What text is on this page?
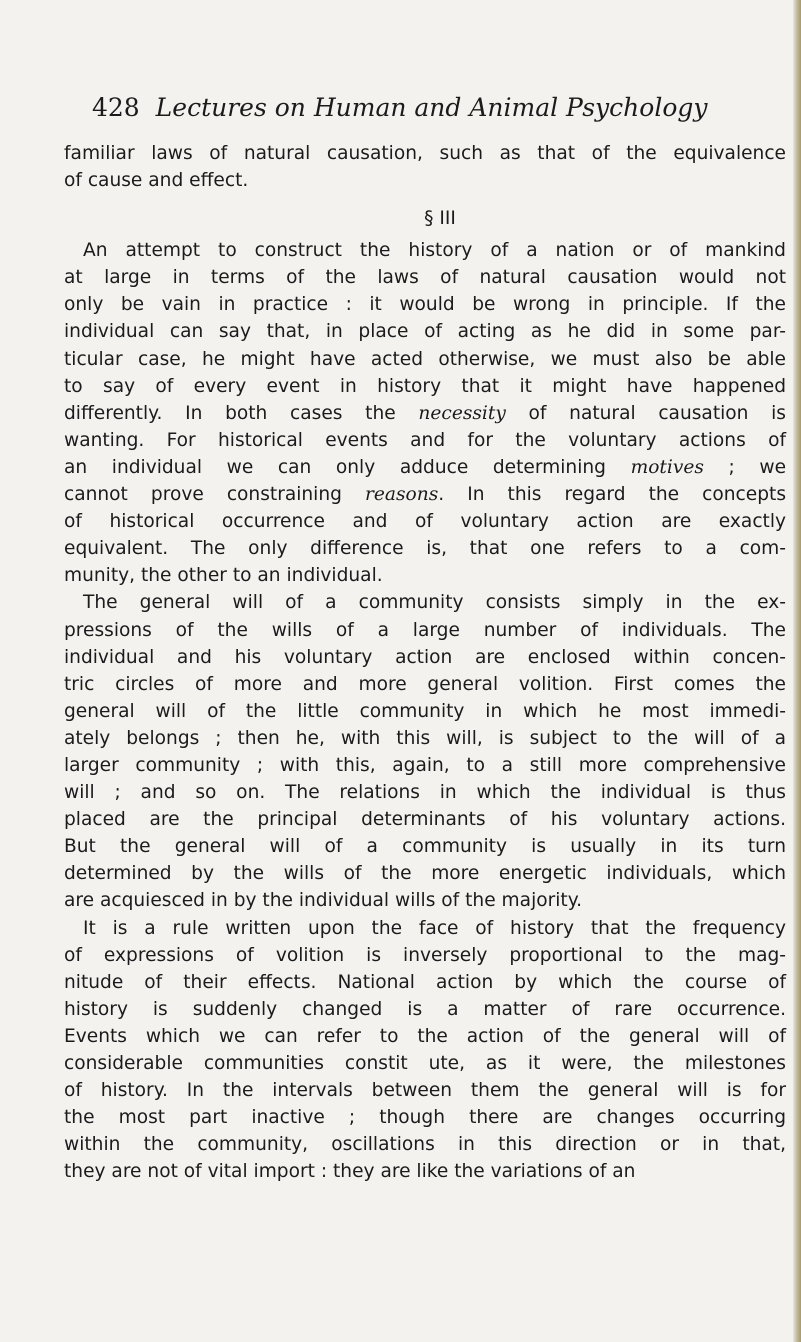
428 Lectures on Human and Animal Psychology

familiar laws of natural causation, such as that of the equivalence

of cause and effect.

§ III

An attempt to construct the history of a nation or of mankind

at large in terms of the laws of natural causation would not

only be vain in practice : it would be wrong in principle. If the

individual can say that, in place of acting as he did in some par-

ticular case, he might have acted otherwise, we must also be able

to say of every event in history that it might have happened

differently. In both cases the necessity of natural causation is

wanting. For historical events and for the voluntary actions of

an individual we can only adduce determining motives ; we

cannot prove constraining reasons. In this regard the concepts

of historical occurrence and of voluntary action are exactly

equivalent. The only difference is, that one refers to a com-

munity, the other to an individual.

The general will of a community consists simply in the ex-

pressions of the wills of a large number of individuals. The

individual and his voluntary action are enclosed within concen-

tric circles of more and more general volition. First comes the

general will of the little community in which he most immedi-

ately belongs ; then he, with this will, is subject to the will of a

larger community ; with this, again, to a still more comprehensive

will ; and so on. The relations in which the individual is thus

placed are the principal determinants of his voluntary actions.

But the general will of a community is usually in its turn

determined by the wills of the more energetic individuals, which

are acquiesced in by the individual wills of the majority.

It is a rule written upon the face of history that the frequency

of expressions of volition is inversely proportional to the mag-

nitude of their effects. National action by which the course of

history is suddenly changed is a matter of rare occurrence.

Events which we can refer to the action of the general will of

considerable communities constit ute, as it were, the milestones

of history. In the intervals between them the general will is for

the most part inactive ; though there are changes occurring

within the community, oscillations in this direction or in that,

they are not of vital import : they are like the variations of an
